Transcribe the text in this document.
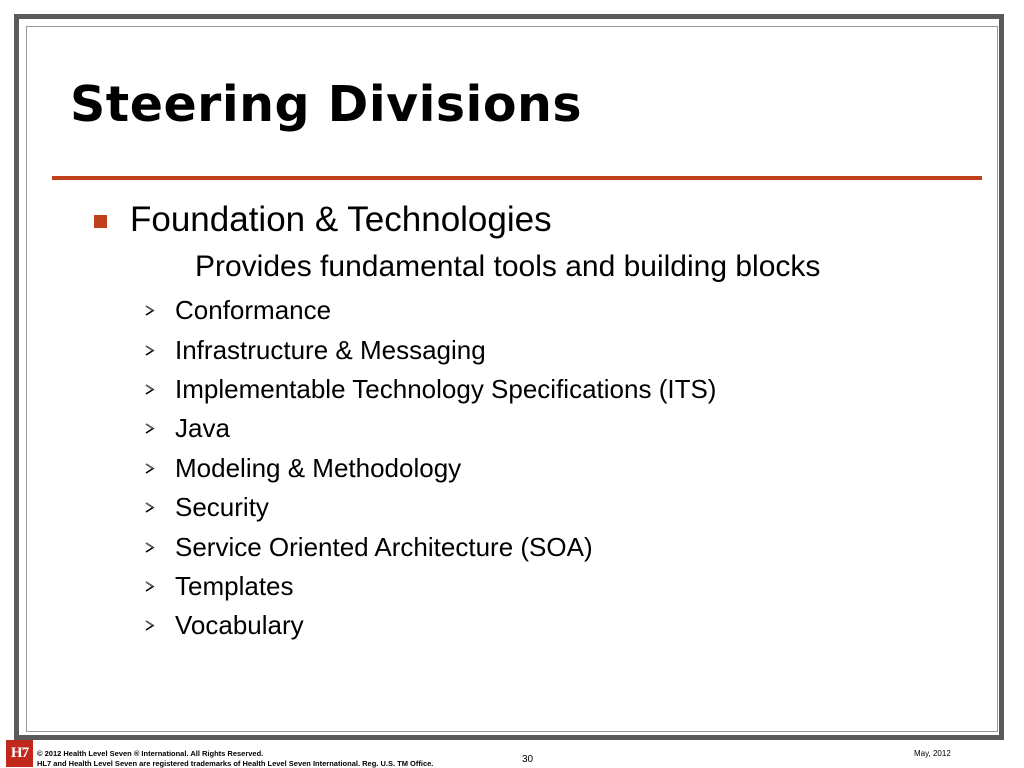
Steering Divisions
Foundation & Technologies
Provides fundamental tools and building blocks
Conformance
Infrastructure & Messaging
Implementable Technology Specifications (ITS)
Java
Modeling & Methodology
Security
Service Oriented Architecture (SOA)
Templates
Vocabulary
H7	© 2012 Health Level Seven ® International. All Rights Reserved.
HL7 and Health Level Seven are registered trademarks of Health Level Seven International. Reg. U.S. TM Office.	30
May, 2012
